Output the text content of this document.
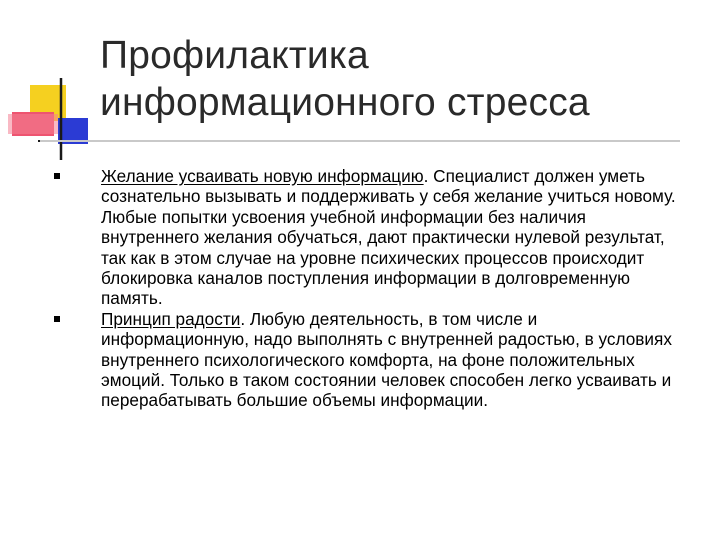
Профилактика
информационного стресса
Желание усваивать новую информацию. Специалист должен уметь сознательно вызывать и поддерживать у себя желание учиться новому. Любые попытки усвоения учебной информации без наличия внутреннего желания обучаться, дают практически нулевой результат, так как в этом случае на уровне психических процессов происходит блокировка каналов поступления информации в долговременную память.
Принцип радости. Любую деятельность, в том числе и информационную, надо выполнять с внутренней радостью, в условиях внутреннего психологического комфорта, на фоне положительных эмоций. Только в таком состоянии человек способен легко усваивать и перерабатывать большие объемы информации.
